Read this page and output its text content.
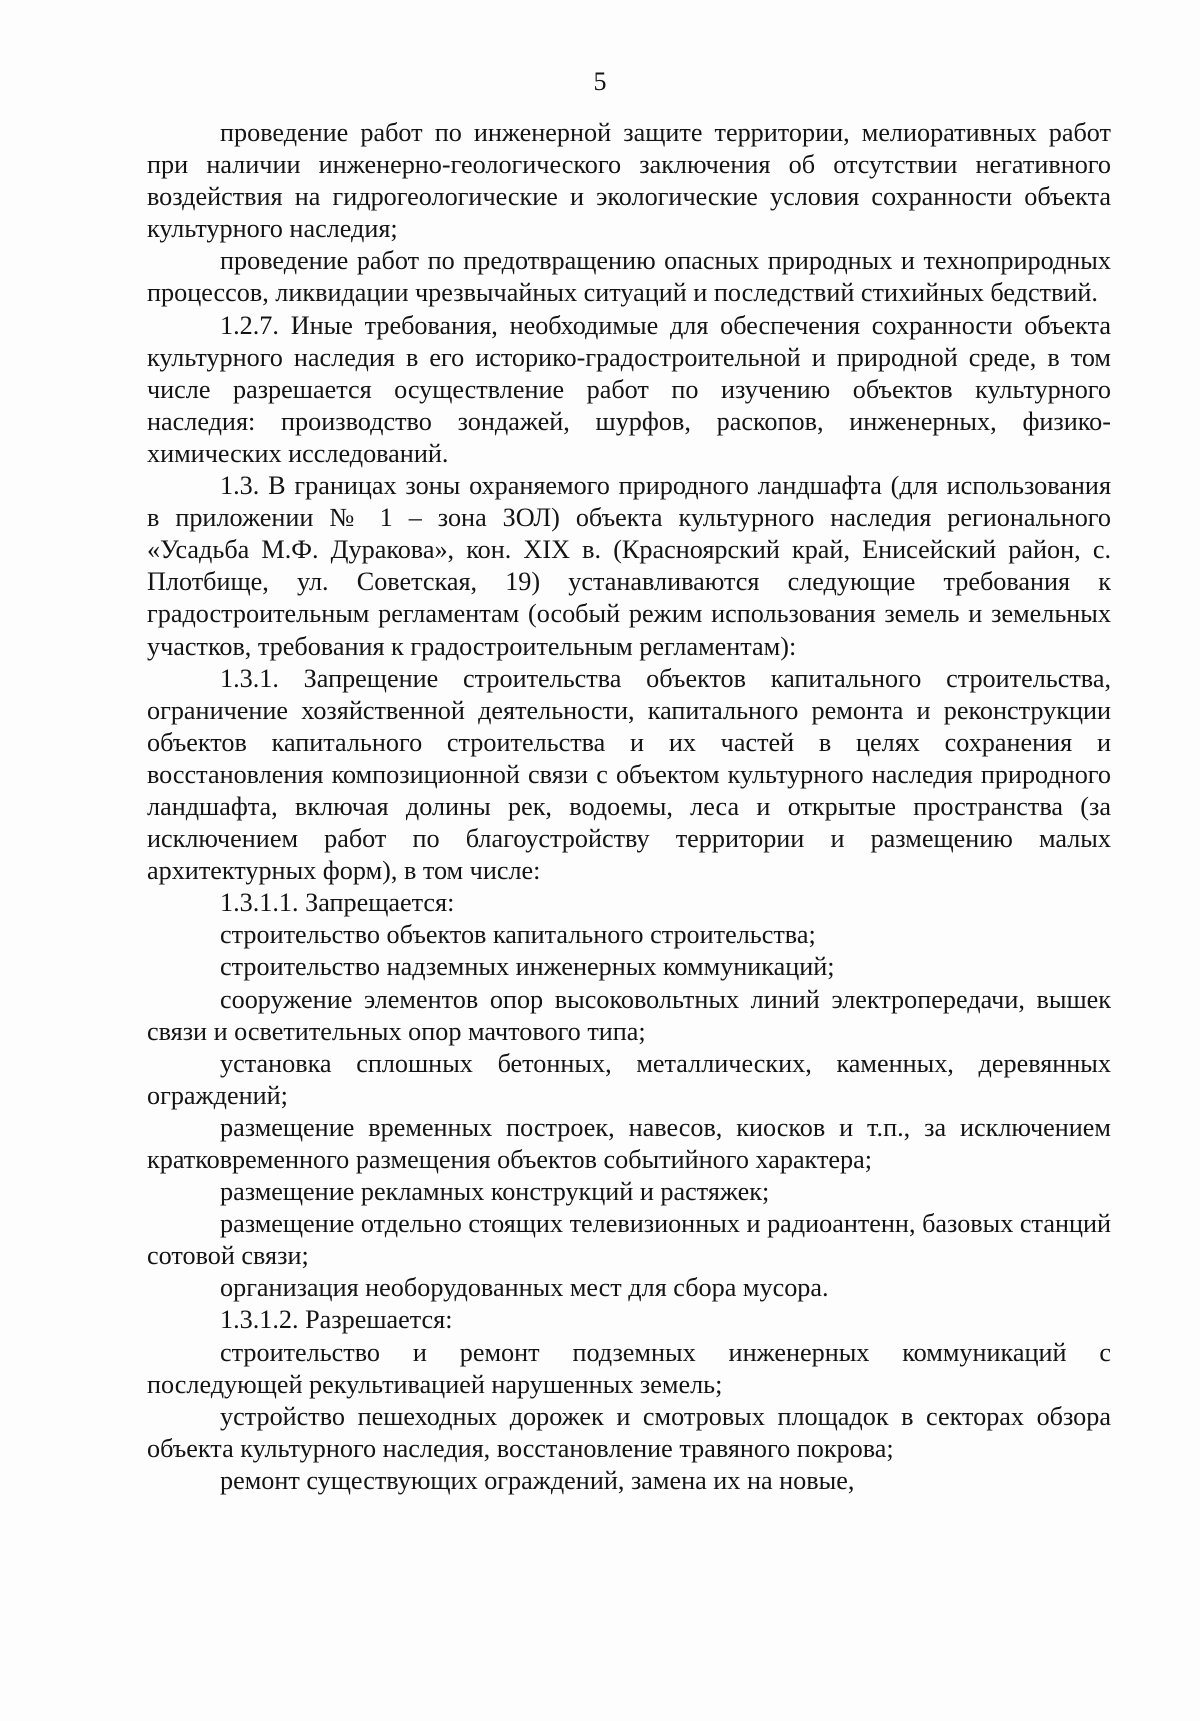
5

проведение работ по инженерной защите территории, мелиоративных работ при наличии инженерно-геологического заключения об отсутствии негативного воздействия на гидрогеологические и экологические условия сохранности объекта культурного наследия;

проведение работ по предотвращению опасных природных и технoприродных процессов, ликвидации чрезвычайных ситуаций и последствий стихийных бедствий.

1.2.7. Иные требования, необходимые для обеспечения сохранности объекта культурного наследия в его историко-градостроительной и природной среде, в том числе разрешается осуществление работ по изучению объектов культурного наследия: производство зондажей, шурфов, раскопов, инженерных, физико-химических исследований.

1.3. В границах зоны охраняемого природного ландшафта (для использования в приложении № 1 – зона ЗОЛ) объекта культурного наследия регионального «Усадьба М.Ф. Дуракова», кон. XIX в. (Красноярский край, Енисейский район, с. Плотбище, ул. Советская, 19) устанавливаются следующие требования к градостроительным регламентам (особый режим использования земель и земельных участков, требования к градостроительным регламентам):

1.3.1. Запрещение строительства объектов капитального строительства, ограничение хозяйственной деятельности, капитального ремонта и реконструкции объектов капитального строительства и их частей в целях сохранения и восстановления композиционной связи с объектом культурного наследия природного ландшафта, включая долины рек, водоемы, леса и открытые пространства (за исключением работ по благоустройству территории и размещению малых архитектурных форм), в том числе:

1.3.1.1. Запрещается:

строительство объектов капитального строительства;

строительство надземных инженерных коммуникаций;

сооружение элементов опор высоковольтных линий электропередачи, вышек связи и осветительных опор мачтового типа;

установка сплошных бетонных, металлических, каменных, деревянных ограждений;

размещение временных построек, навесов, киосков и т.п., за исключением кратковременного размещения объектов событийного характера;

размещение рекламных конструкций и растяжек;

размещение отдельно стоящих телевизионных и радиоантенн, базовых станций сотовой связи;

организация необорудованных мест для сбора мусора.

1.3.1.2. Разрешается:

строительство и ремонт подземных инженерных коммуникаций с последующей рекультивацией нарушенных земель;

устройство пешеходных дорожек и смотровых площадок в секторах обзора объекта культурного наследия, восстановление травяного покрова;

ремонт существующих ограждений, замена их на новые,
